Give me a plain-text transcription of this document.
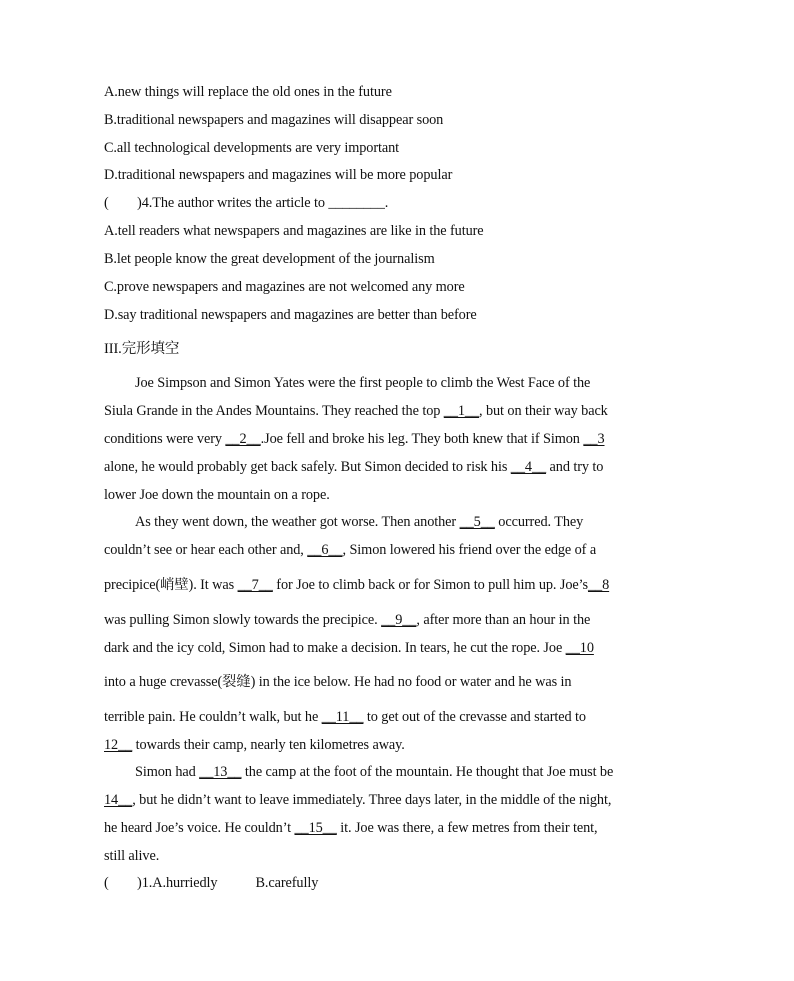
A.new things will replace the old ones in the future
B.traditional newspapers and magazines will disappear soon
C.all technological developments are very important
D.traditional newspapers and magazines will be more popular
(　　)4.The author writes the article to ________.
A.tell readers what newspapers and magazines are like in the future
B.let people know the great development of the journalism
C.prove newspapers and magazines are not welcomed any more
D.say traditional newspapers and magazines are better than before
III.完形填空
Joe Simpson and Simon Yates were the first people to climb the West Face of the
Siula Grande in the Andes Mountains. They reached the top __1__, but on their way back
conditions were very __2__.Joe fell and broke his leg. They both knew that if Simon __3
alone, he would probably get back safely. But Simon decided to risk his __4__ and try to
lower Joe down the mountain on a rope.
As they went down, the weather got worse. Then another __5__ occurred. They
couldn’t see or hear each other and, __6__, Simon lowered his friend over the edge of a
precipice(峭壁). It was __7__ for Joe to climb back or for Simon to pull him up. Joe’s__8
was pulling Simon slowly towards the precipice. __9__, after more than an hour in the
dark and the icy cold, Simon had to make a decision. In tears, he cut the rope. Joe __10
into a huge crevasse(裂缝) in the ice below. He had no food or water and he was in
terrible pain. He couldn’t walk, but he __11__ to get out of the crevasse and started to
12__ towards their camp, nearly ten kilometres away.
Simon had __13__ the camp at the foot of the mountain. He thought that Joe must be
14__, but he didn’t want to leave immediately. Three days later, in the middle of the night,
he heard Joe’s voice. He couldn’t __15__ it. Joe was there, a few metres from their tent,
still alive.
(　　)1.A.hurriedly	B.carefully
